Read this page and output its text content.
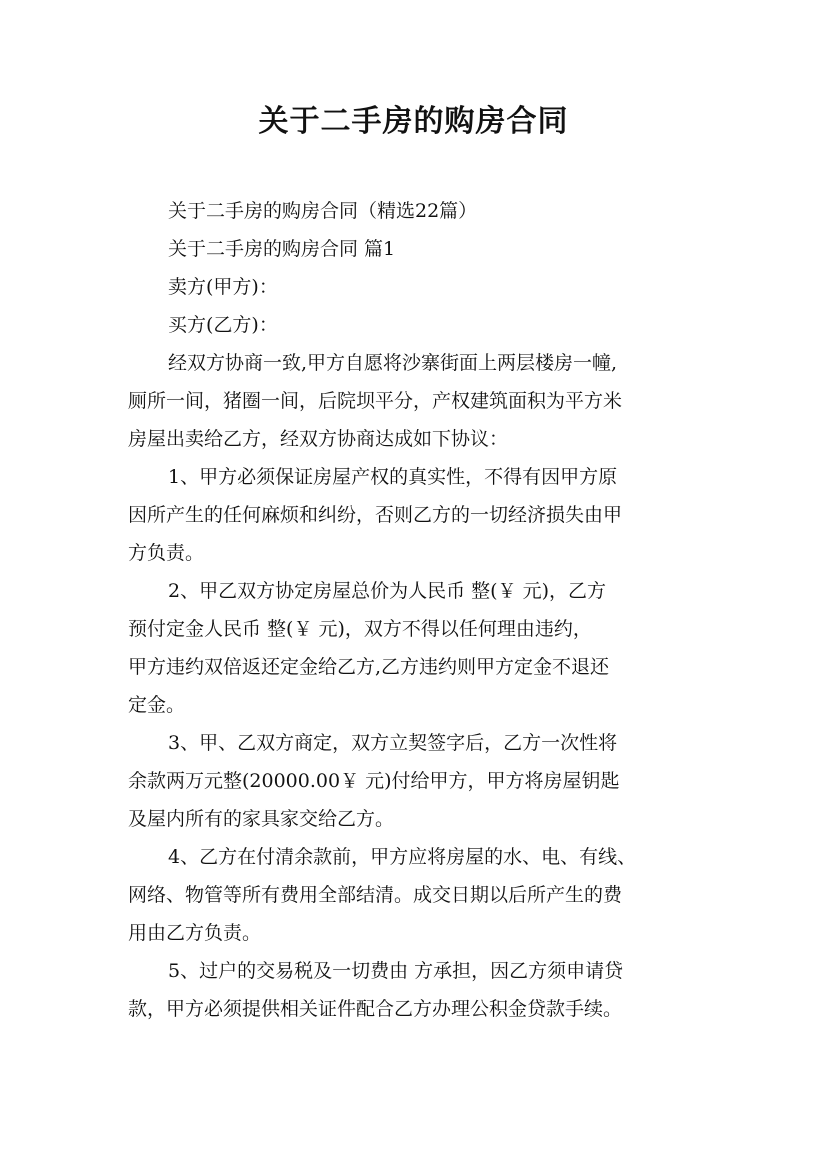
关于二手房的购房合同

关于二手房的购房合同（精选22篇）

关于二手房的购房合同 篇1

卖方(甲方)：

买方(乙方)：

经双方协商一致,甲方自愿将沙寨街面上两层楼房一幢,

厕所一间，猪圈一间，后院坝平分，产权建筑面积为平方米

房屋出卖给乙方，经双方协商达成如下协议：

1、甲方必须保证房屋产权的真实性，不得有因甲方原

因所产生的任何麻烦和纠纷，否则乙方的一切经济损失由甲

方负责。

2、甲乙双方协定房屋总价为人民币 整(￥ 元)，乙方

预付定金人民币 整(￥ 元)，双方不得以任何理由违约，

甲方违约双倍返还定金给乙方,乙方违约则甲方定金不退还

定金。

3、甲、乙双方商定，双方立契签字后，乙方一次性将

余款两万元整(20000.00￥ 元)付给甲方，甲方将房屋钥匙

及屋内所有的家具家交给乙方。

4、乙方在付清余款前，甲方应将房屋的水、电、有线、

网络、物管等所有费用全部结清。成交日期以后所产生的费

用由乙方负责。

5、过户的交易税及一切费由 方承担，因乙方须申请贷

款，甲方必须提供相关证件配合乙方办理公积金贷款手续。
